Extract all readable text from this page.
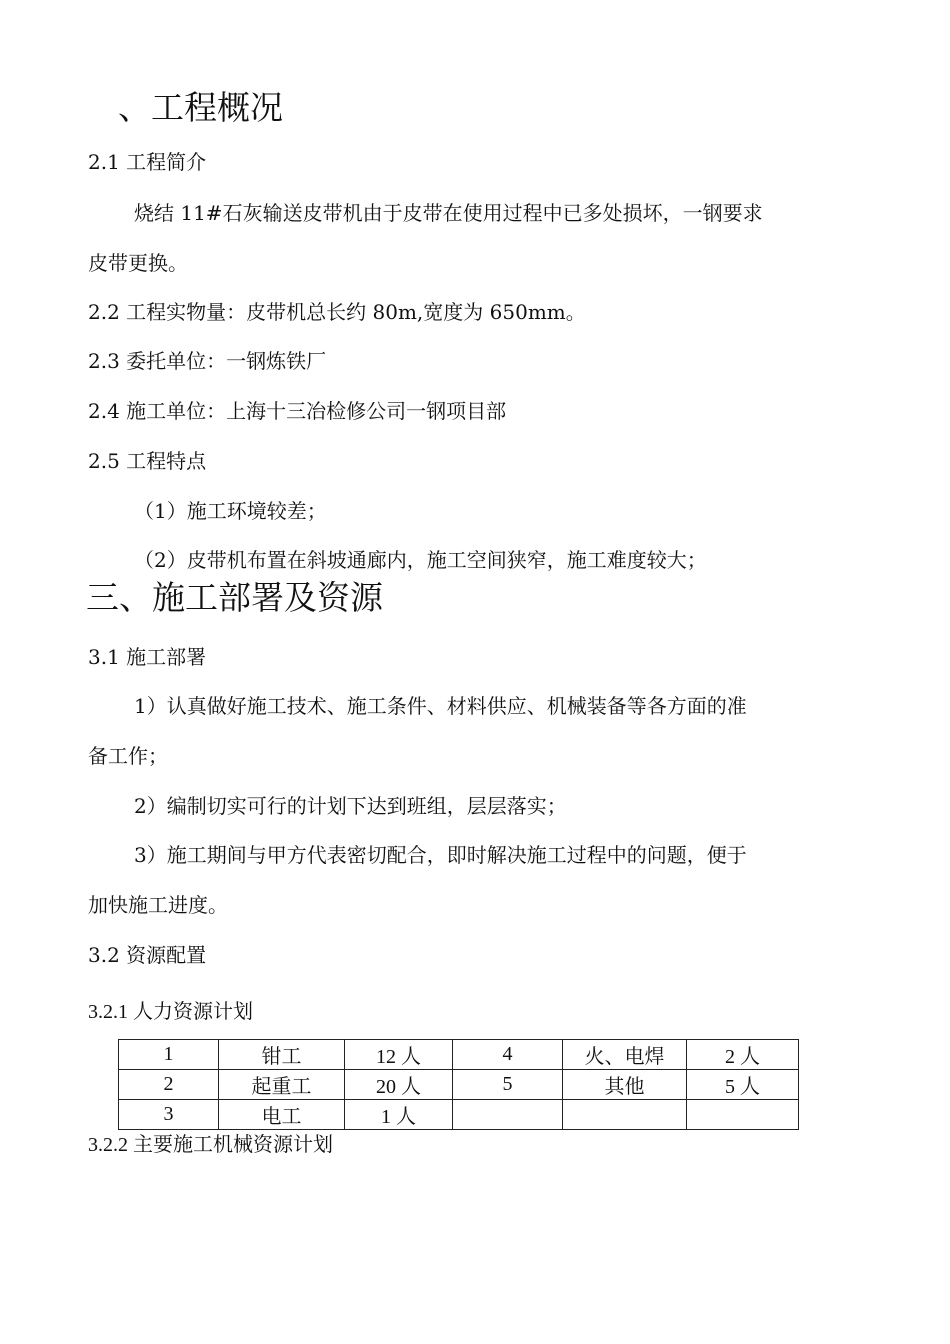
、工程概况
2.1 工程简介
烧结 11#石灰输送皮带机由于皮带在使用过程中已多处损坏，一钢要求
皮带更换。
2.2 工程实物量：皮带机总长约 80m,宽度为 650mm。
2.3 委托单位：一钢炼铁厂
2.4 施工单位：上海十三冶检修公司一钢项目部
2.5 工程特点
（1）施工环境较差；
（2）皮带机布置在斜坡通廊内，施工空间狭窄，施工难度较大；
三、施工部署及资源
3.1 施工部署
1）认真做好施工技术、施工条件、材料供应、机械装备等各方面的准
备工作；
2）编制切实可行的计划下达到班组，层层落实；
3）施工期间与甲方代表密切配合，即时解决施工过程中的问题，便于
加快施工进度。
3.2 资源配置
3.2.1 人力资源计划
1	钳工	12 人	4	火、电焊	2 人
2	起重工	20 人	5	其他	5 人
3	电工	1 人			
3.2.2 主要施工机械资源计划
